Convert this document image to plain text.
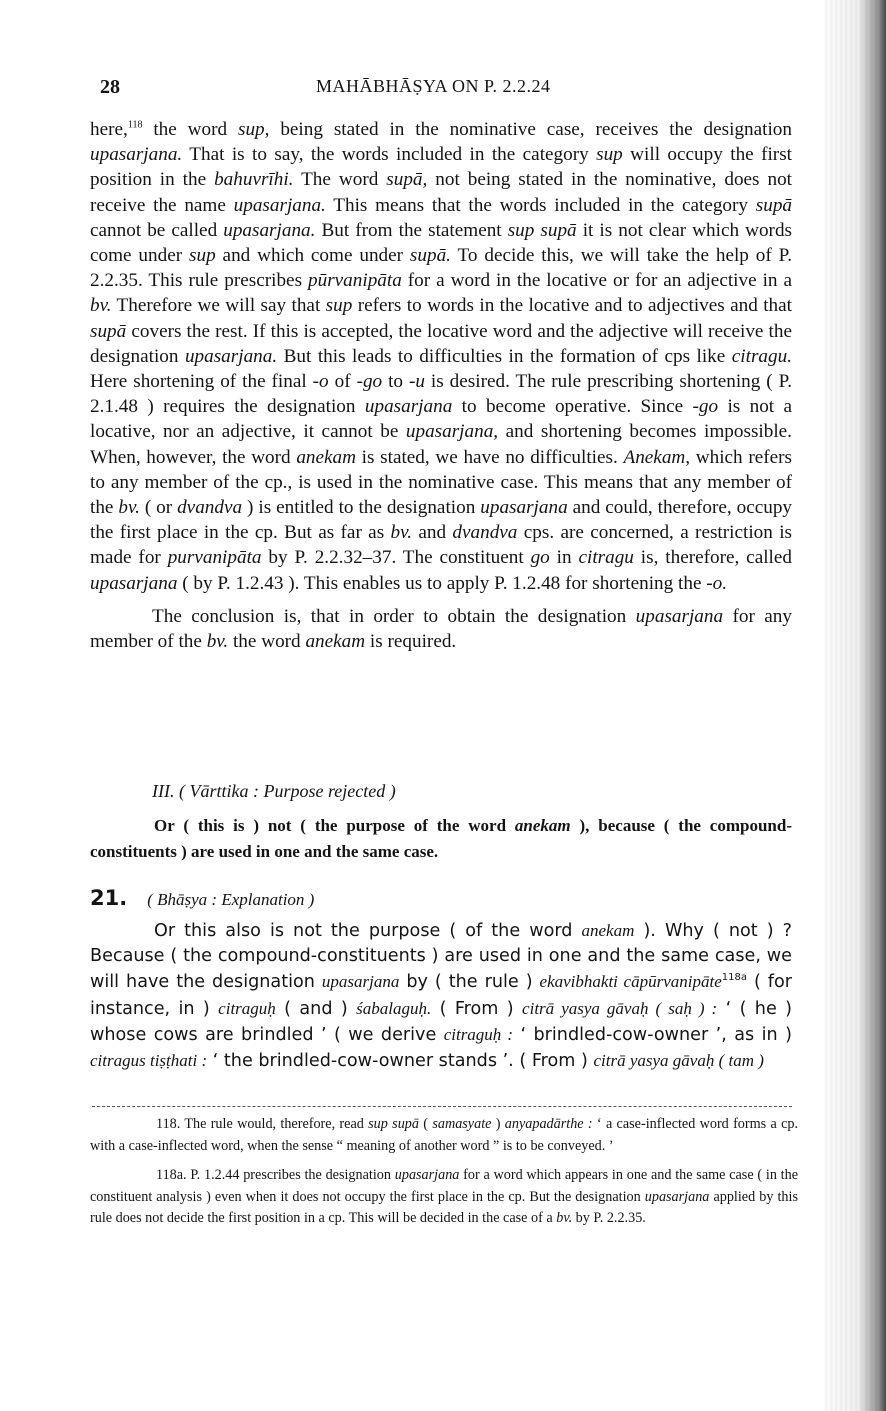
28	MAHĀBHĀṢYA ON P. 2.2.24

here,$^{118}$ the word sup, being stated in the nominative case, receives the designation upasarjana. That is to say, the words included in the category sup will occupy the first position in the bahuvrīhi. The word supā, not being stated in the nominative, does not receive the name upasarjana. This means that the words included in the category supā cannot be called upasarjana. But from the statement sup supā it is not clear which words come under sup and which come under supā. To decide this, we will take the help of P. 2.2.35. This rule prescribes pūrvanipāta for a word in the locative or for an adjective in a bv. Therefore we will say that sup refers to words in the locative and to adjectives and that supā covers the rest. If this is accepted, the locative word and the adjective will receive the designation upasarjana. But this leads to difficulties in the formation of cps like citragu. Here shortening of the final -o of -go to -u is desired. The rule prescribing shortening ( P. 2.1.48 ) requires the designation upasarjana to become operative. Since -go is not a locative, nor an adjective, it cannot be upasarjana, and shortening becomes impossible. When, however, the word anekam is stated, we have no difficulties. Anekam, which refers to any member of the cp., is used in the nominative case. This means that any member of the bv. ( or dvandva ) is entitled to the designation upasarjana and could, therefore, occupy the first place in the cp. But as far as bv. and dvandva cps. are concerned, a restriction is made for purvanipāta by P. 2.2.32–37. The constituent go in citragu is, therefore, called upasarjana ( by P. 1.2.43 ). This enables us to apply P. 1.2.48 for shortening the -o.

The conclusion is, that in order to obtain the designation upasarjana for any member of the bv. the word anekam is required.

III. ( Vārttika : Purpose rejected )
Or ( this is ) not ( the purpose of the word anekam ), because ( the compound-constituents ) are used in one and the same case.
21. ( Bhāṣya : Explanation )

Or this also is not the purpose ( of the word anekam ). Why ( not ) ? Because ( the compound-constituents ) are used in one and the same case, we will have the designation upasarjana by ( the rule ) ekavibhakti cāpūrvanipāte$^{118a}$ ( for instance, in ) citraguḥ ( and ) śabalaguḥ. ( From ) citrā yasya gāvaḥ ( saḥ ) : ‘ ( he ) whose cows are brindled ’ ( we derive citraguḥ : ‘ brindled-cow-owner ’, as in ) citragus tiṣṭhati : ‘ the brindled-cow-owner stands ’. ( From ) citrā yasya gāvaḥ ( tam )

118. The rule would, therefore, read sup supā ( samasyate ) anyapadārthe : ‘ a case-inflected word forms a cp. with a case-inflected word, when the sense “ meaning of another word ” is to be conveyed. ’

118a. P. 1.2.44 prescribes the designation upasarjana for a word which appears in one and the same case ( in the constituent analysis ) even when it does not occupy the first place in the cp. But the designation upasarjana applied by this rule does not decide the first position in a cp. This will be decided in the case of a bv. by P. 2.2.35.
